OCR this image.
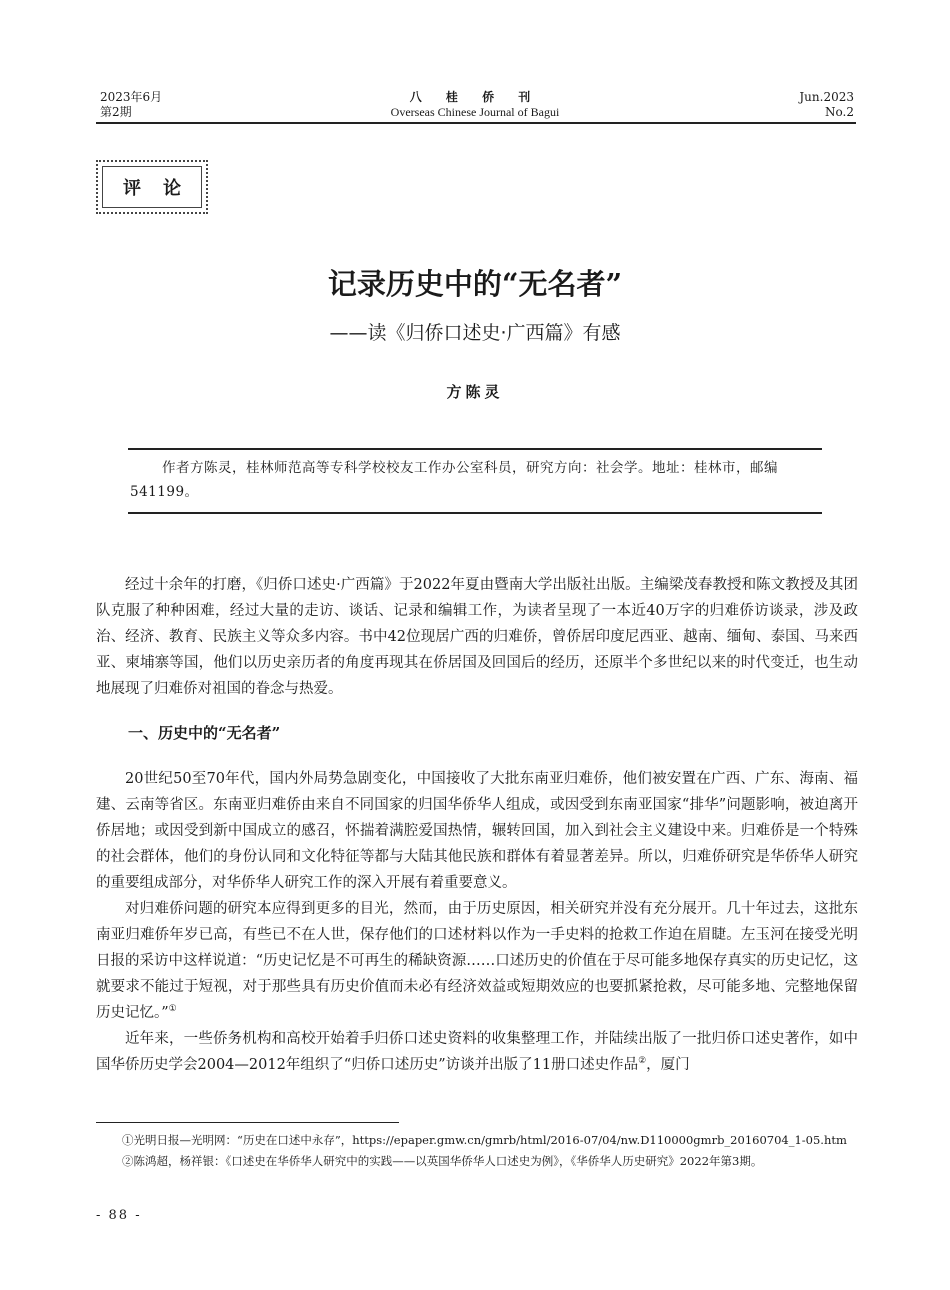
2023年6月
第2期
八 桂 侨 刊
Overseas Chinese Journal of Bagui
Jun.2023
No.2
评论
记录历史中的“无名者”
——读《归侨口述史·广西篇》有感
方陈灵
作者方陈灵，桂林师范高等专科学校校友工作办公室科员，研究方向：社会学。地址：桂林市，邮编 541199。

经过十余年的打磨，《归侨口述史·广西篇》于2022年夏由暨南大学出版社出版。主编梁茂春教授和陈文教授及其团队克服了种种困难，经过大量的走访、谈话、记录和编辑工作，为读者呈现了一本近40万字的归难侨访谈录，涉及政治、经济、教育、民族主义等众多内容。书中42位现居广西的归难侨，曾侨居印度尼西亚、越南、缅甸、泰国、马来西亚、柬埔寨等国，他们以历史亲历者的角度再现其在侨居国及回国后的经历，还原半个多世纪以来的时代变迁，也生动地展现了归难侨对祖国的眷念与热爱。

一、历史中的“无名者”

20世纪50至70年代，国内外局势急剧变化，中国接收了大批东南亚归难侨，他们被安置在广西、广东、海南、福建、云南等省区。东南亚归难侨由来自不同国家的归国华侨华人组成，或因受到东南亚国家“排华”问题影响，被迫离开侨居地；或因受到新中国成立的感召，怀揣着满腔爱国热情，辗转回国，加入到社会主义建设中来。归难侨是一个特殊的社会群体，他们的身份认同和文化特征等都与大陆其他民族和群体有着显著差异。所以，归难侨研究是华侨华人研究的重要组成部分，对华侨华人研究工作的深入开展有着重要意义。

对归难侨问题的研究本应得到更多的目光，然而，由于历史原因，相关研究并没有充分展开。几十年过去，这批东南亚归难侨年岁已高，有些已不在人世，保存他们的口述材料以作为一手史料的抢救工作迫在眉睫。左玉河在接受光明日报的采访中这样说道：“历史记忆是不可再生的稀缺资源……口述历史的价值在于尽可能多地保存真实的历史记忆，这就要求不能过于短视，对于那些具有历史价值而未必有经济效益或短期效应的也要抓紧抢救，尽可能多地、完整地保留历史记忆。”①

近年来，一些侨务机构和高校开始着手归侨口述史资料的收集整理工作，并陆续出版了一批归侨口述史著作，如中国华侨历史学会2004—2012年组织了“归侨口述历史”访谈并出版了11册口述史作品②，厦门

①光明日报—光明网：“历史在口述中永存”，https://epaper.gmw.cn/gmrb/html/2016-07/04/nw.D110000gmrb_20160704_1-05.htm

②陈鸿超，杨祥银：《口述史在华侨华人研究中的实践——以英国华侨华人口述史为例》，《华侨华人历史研究》2022年第3期。

- 88 -
